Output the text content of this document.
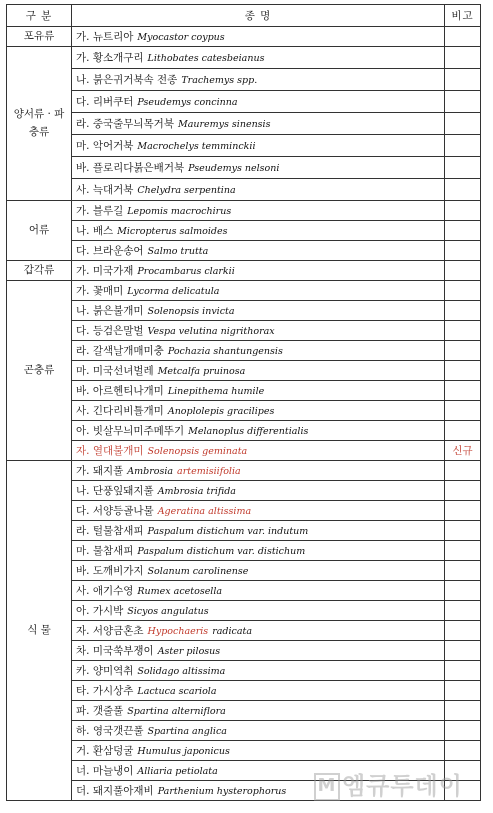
구 분	종 명	비고
포유류	가. 뉴트리아 Myocastor coypus	
양서류 · 파충류	가. 황소개구리 Lithobates catesbeianus	
	나. 붉은귀거북속 전종 Trachemys spp.	
	다. 리버쿠터 Pseudemys concinna	
	라. 중국줄무늬목거북 Mauremys sinensis	
	마. 악어거북 Macrochelys temminckii	
	바. 플로리다붉은배거북 Pseudemys nelsoni	
	사. 늑대거북 Chelydra serpentina	
어류	가. 블루길 Lepomis macrochirus	
	나. 배스 Micropterus salmoides	
	다. 브라운송어 Salmo trutta	
갑각류	가. 미국가재 Procambarus clarkii	
곤충류	가. 꽃매미 Lycorma delicatula	
	나. 붉은불개미 Solenopsis invicta	
	다. 등검은말벌 Vespa velutina nigrithorax	
	라. 갈색날개매미충 Pochazia shantungensis	
	마. 미국선녀벌레 Metcalfa pruinosa	
	바. 아르헨티나개미 Linepithema humile	
	사. 긴다리비틀개미 Anoplolepis gracilipes	
	아. 빗살무늬미주메뚜기 Melanoplus differentialis	
	자. 열대불개미 Solenopsis geminata	신규
식 물	가. 돼지풀 Ambrosia artemisiifolia	
	나. 단풍잎돼지풀 Ambrosia trifida	
	다. 서양등골나물 Ageratina altissima	
	라. 털물참새피 Paspalum distichum var. indutum	
	마. 물참새피 Paspalum distichum var. distichum	
	바. 도깨비가지 Solanum carolinense	
	사. 애기수영 Rumex acetosella	
	아. 가시박 Sicyos angulatus	
	자. 서양금혼초 Hypochaeris radicata	
	차. 미국쑥부쟁이 Aster pilosus	
	카. 양미역취 Solidago altissima	
	타. 가시상추 Lactuca scariola	
	파. 갯줄풀 Spartina alterniflora	
	하. 영국갯끈풀 Spartina anglica	
	거. 환삼덩굴 Humulus japonicus	
	너. 마늘냉이 Alliaria petiolata	
	더. 돼지풀아재비 Parthenium hysterophorus	M 엠큐투데이
